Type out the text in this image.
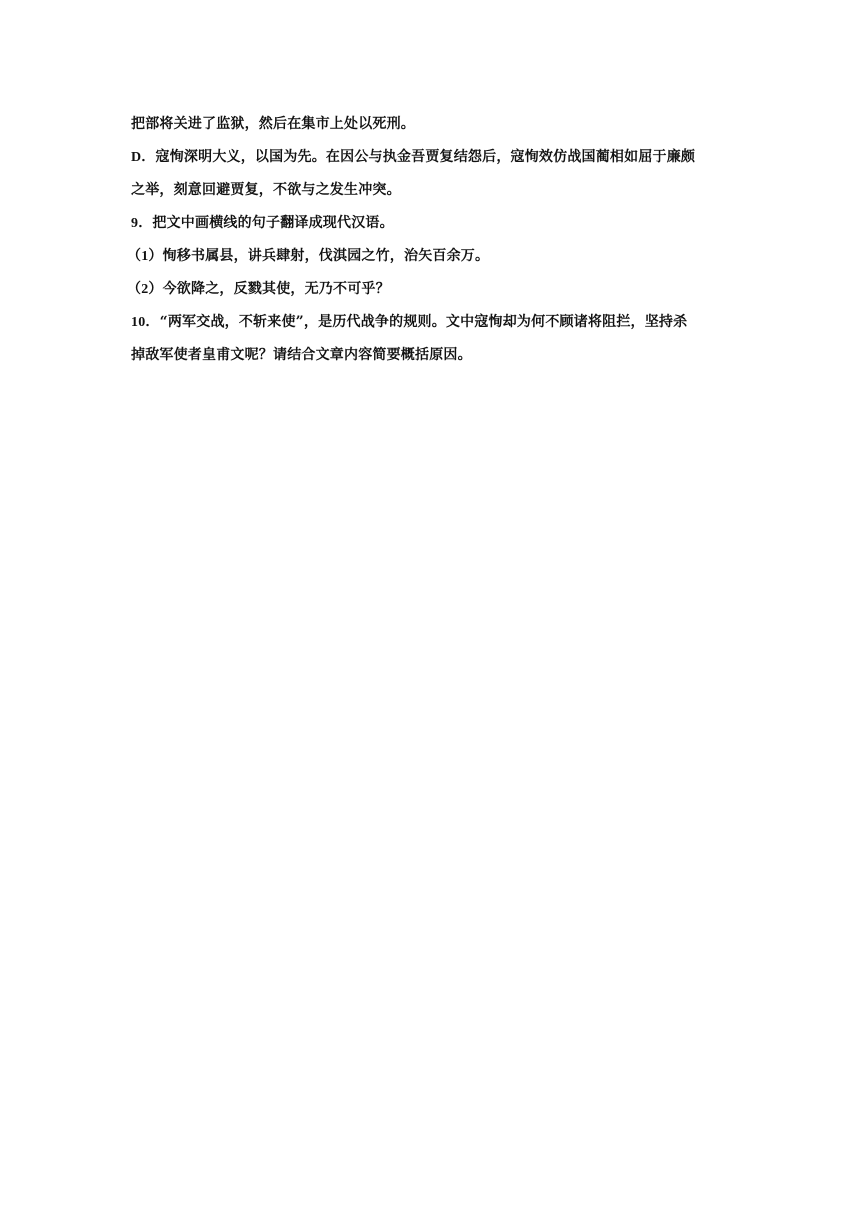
把部将关进了监狱，然后在集市上处以死刑。
D．寇恂深明大义，以国为先。在因公与执金吾贾复结怨后，寇恂效仿战国蔺相如屈于廉颇
之举，刻意回避贾复，不欲与之发生冲突。
9．把文中画横线的句子翻译成现代汉语。
（1）恂移书属县，讲兵肆射，伐淇园之竹，治矢百余万。
（2）今欲降之，反戮其使，无乃不可乎？
10．“两军交战，不斩来使”，是历代战争的规则。文中寇恂却为何不顾诸将阻拦，坚持杀
掉敌军使者皇甫文呢？请结合文章内容简要概括原因。
